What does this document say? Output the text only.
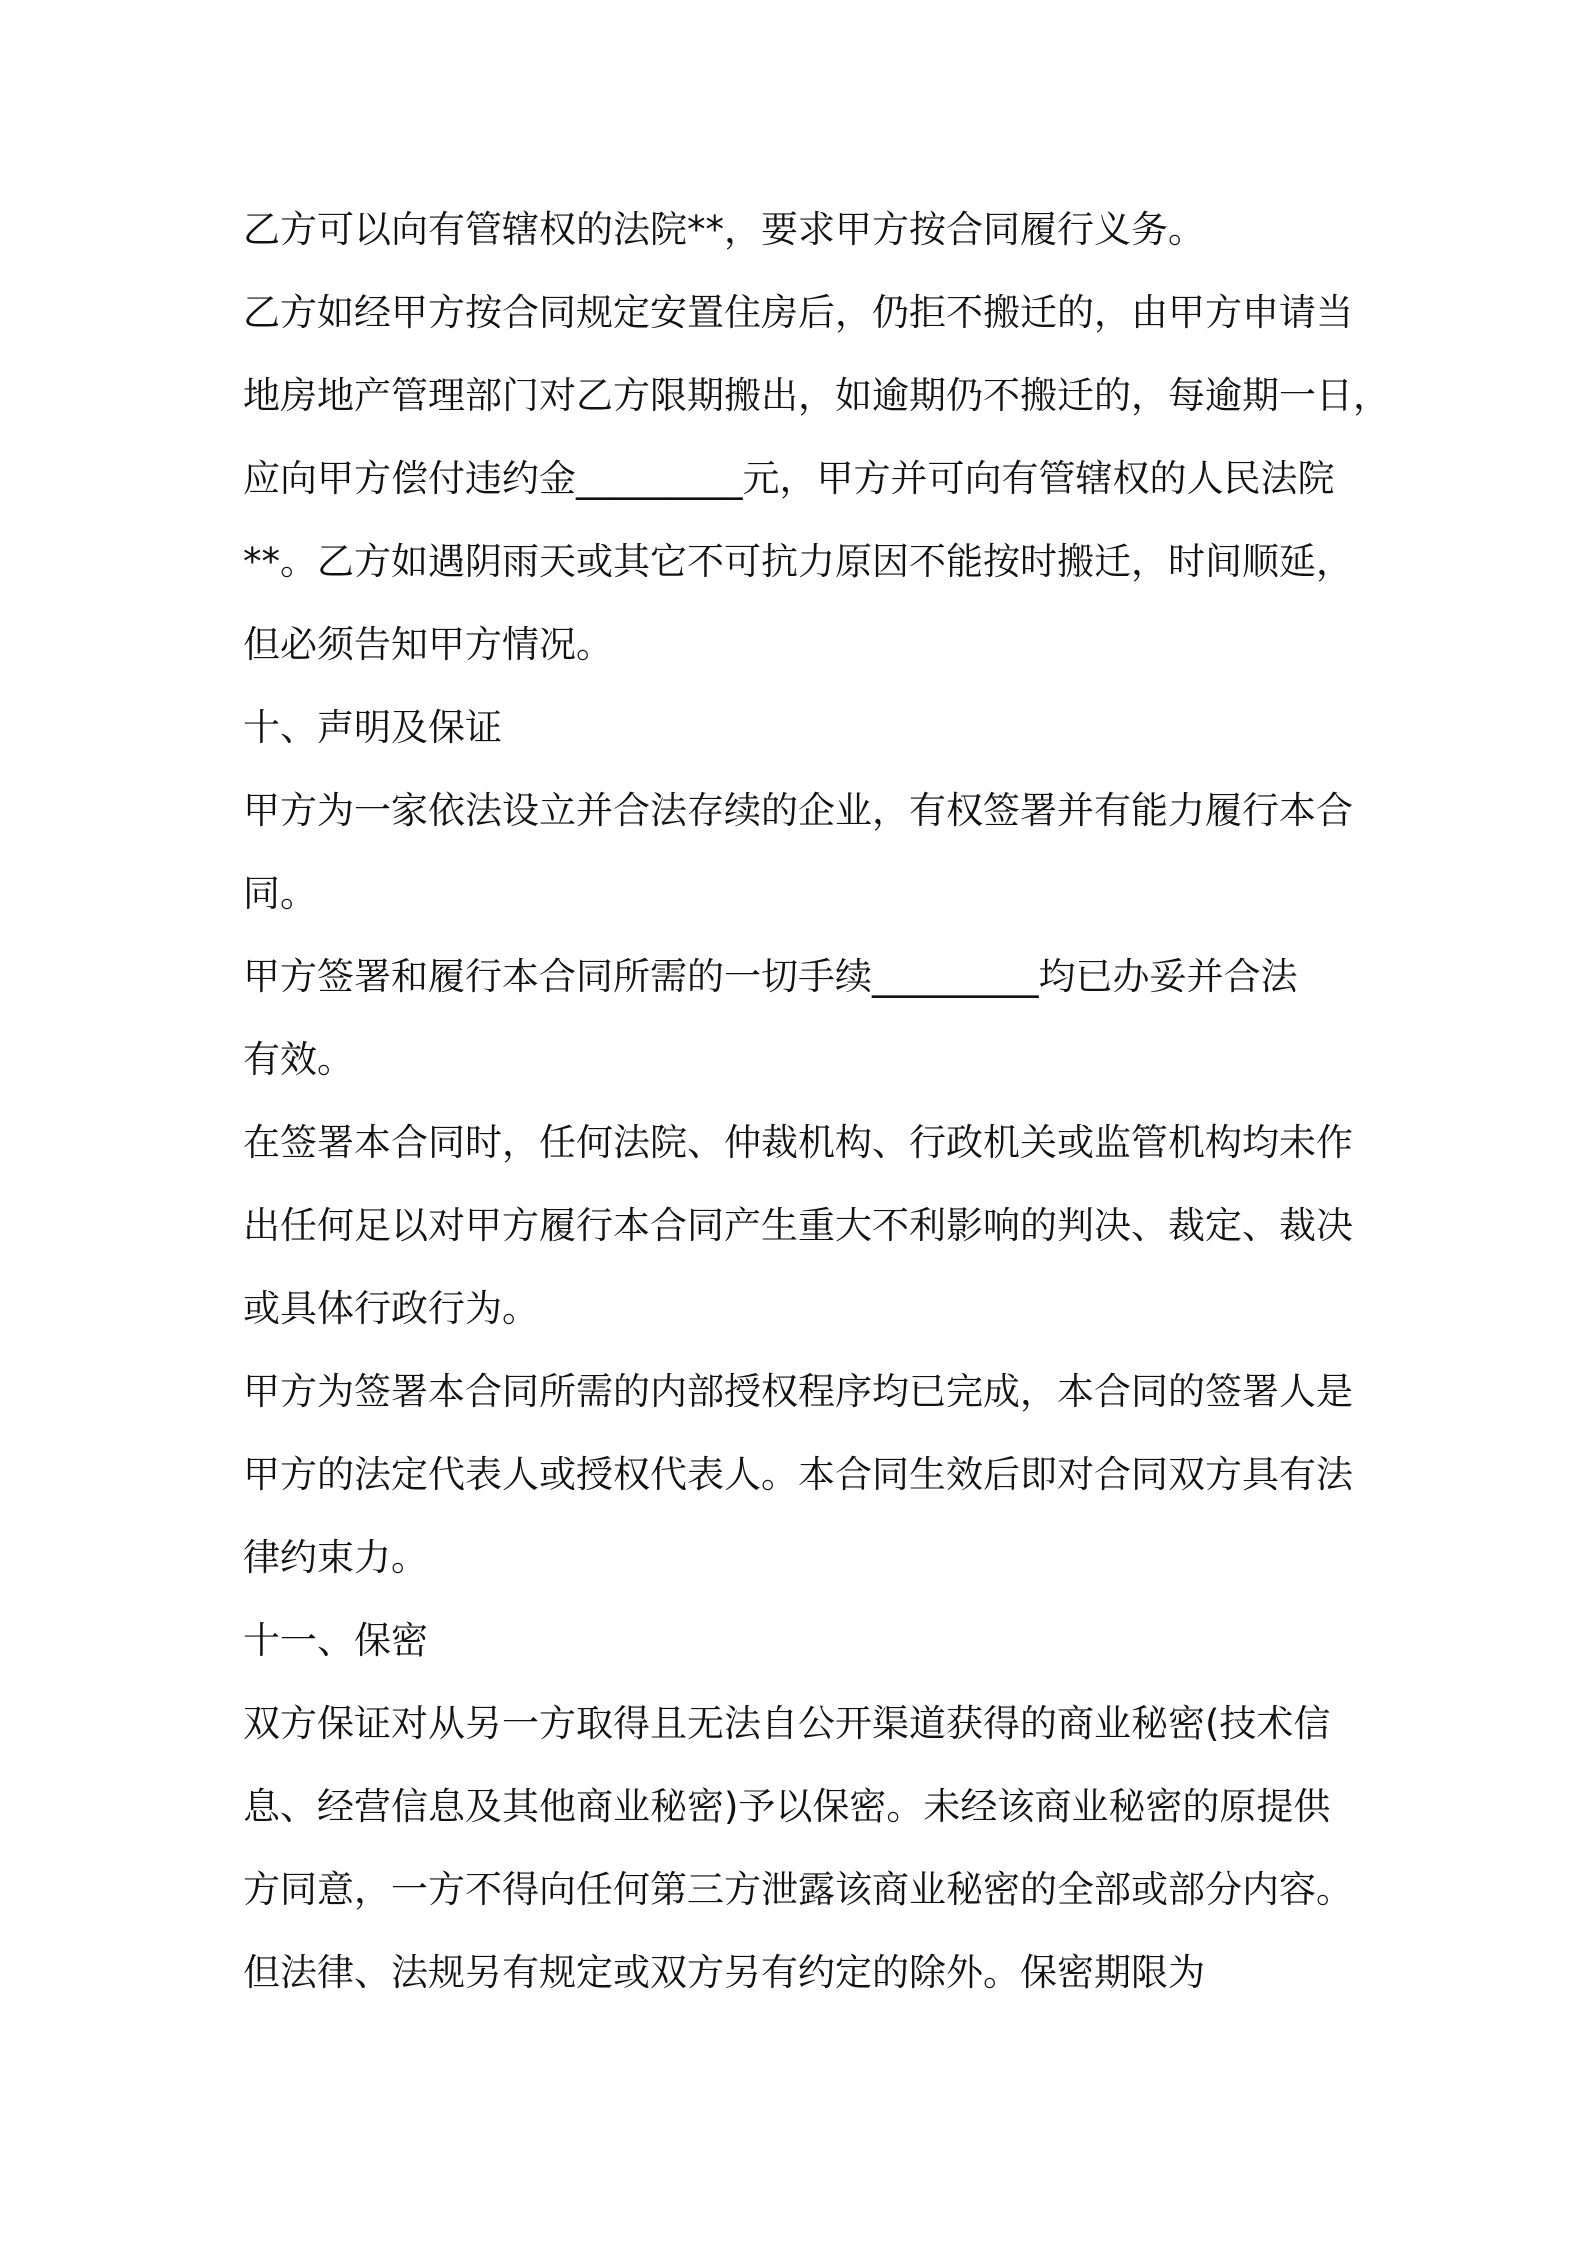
乙方可以向有管辖权的法院**，要求甲方按合同履行义务。
乙方如经甲方按合同规定安置住房后，仍拒不搬迁的，由甲方申请当
地房地产管理部门对乙方限期搬出，如逾期仍不搬迁的，每逾期一日，
应向甲方偿付违约金_________元，甲方并可向有管辖权的人民法院
**。乙方如遇阴雨天或其它不可抗力原因不能按时搬迁，时间顺延，
但必须告知甲方情况。
十、声明及保证
甲方为一家依法设立并合法存续的企业，有权签署并有能力履行本合
同。
甲方签署和履行本合同所需的一切手续_________均已办妥并合法
有效。
在签署本合同时，任何法院、仲裁机构、行政机关或监管机构均未作
出任何足以对甲方履行本合同产生重大不利影响的判决、裁定、裁决
或具体行政行为。
甲方为签署本合同所需的内部授权程序均已完成，本合同的签署人是
甲方的法定代表人或授权代表人。本合同生效后即对合同双方具有法
律约束力。
十一、保密
双方保证对从另一方取得且无法自公开渠道获得的商业秘密(技术信
息、经营信息及其他商业秘密)予以保密。未经该商业秘密的原提供
方同意，一方不得向任何第三方泄露该商业秘密的全部或部分内容。
但法律、法规另有规定或双方另有约定的除外。保密期限为
